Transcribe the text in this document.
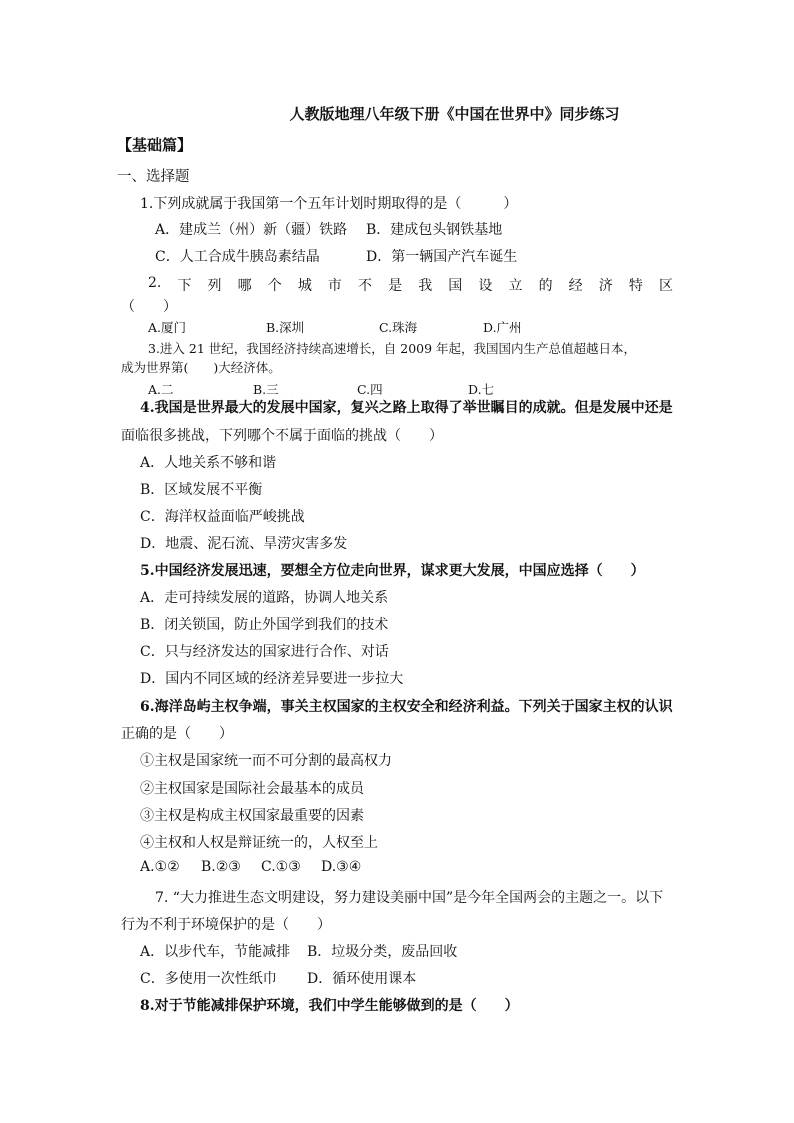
人教版地理八年级下册《中国在世界中》同步练习
【基础篇】
一、选择题
1.下列成就属于我国第一个五年计划时期取得的是（　　　）
A．建成兰（州）新（疆）铁路 B．建成包头钢铁基地
C．人工合成牛胰岛素结晶	D．第一辆国产汽车诞生
2. 下 列 哪 个 城 市 不 是 我 国 设 立 的 经 济 特 区
（　　）
A.厦门	B.深圳	C.珠海	D.广州
3.进入 21 世纪，我国经济持续高速增长，自 2009 年起，我国国内生产总值超越日本，
成为世界第(　　)大经济体。
A.二	B.三	C.四	D.七
4.我国是世界最大的发展中国家，复兴之路上取得了举世瞩目的成就。但是发展中还是
面临很多挑战，下列哪个不属于面临的挑战（　　）
A．人地关系不够和谐
B．区域发展不平衡
C．海洋权益面临严峻挑战
D．地震、泥石流、旱涝灾害多发
5.中国经济发展迅速，要想全方位走向世界，谋求更大发展，中国应选择（　　）
A．走可持续发展的道路，协调人地关系
B．闭关锁国，防止外国学到我们的技术
C．只与经济发达的国家进行合作、对话
D．国内不同区域的经济差异要进一步拉大
6.海洋岛屿主权争端，事关主权国家的主权安全和经济利益。下列关于国家主权的认识
正确的是（　　）
①主权是国家统一而不可分割的最高权力
②主权国家是国际社会最基本的成员
③主权是构成主权国家最重要的因素
④主权和人权是辩证统一的，人权至上
A.①② B.②③ C.①③ D.③④
7. “大力推进生态文明建设，努力建设美丽中国”是今年全国两会的主题之一。以下
行为不利于环境保护的是（　　）
A．以步代车，节能减排 B．垃圾分类，废品回收
C．多使用一次性纸巾 D．循环使用课本
8.对于节能减排保护环境，我们中学生能够做到的是（　　）
